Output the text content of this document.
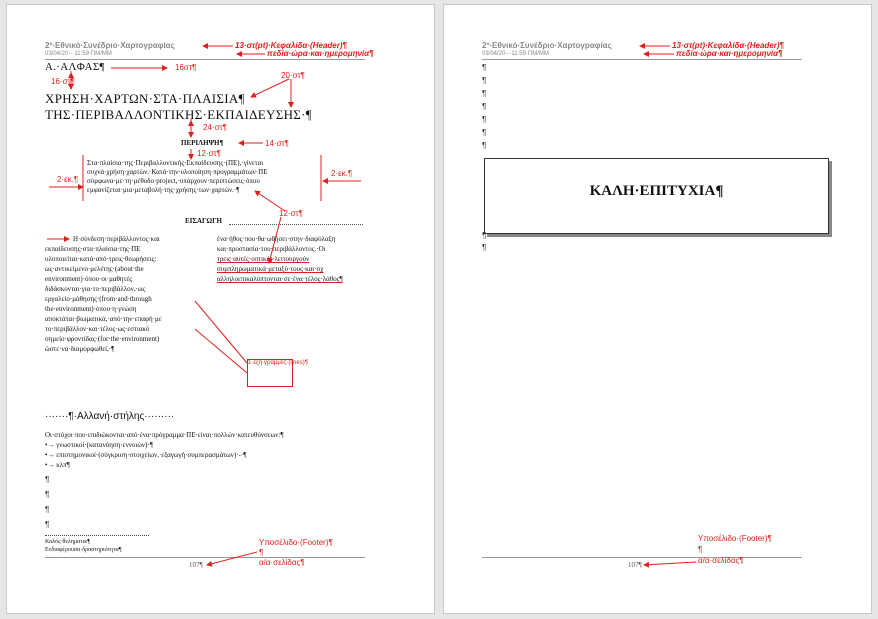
2º·Εθνικό·Συνέδριο·Χαρτογραφίας	13·στ(pt)·Κεφαλίδα·(Header)¶
03/04/20·-·11:59·ΠΜ/MM	πεδία·ώρα·και·ημερομηνία¶
Α.·ΑΛΦΑΣ¶	16στ¶
16·στ¶
20·στ¶
ΧΡΗΣΗ·ΧΑΡΤΩΝ·ΣΤΑ·ΠΛΑΙΣΙΑ¶
ΤΗΣ·ΠΕΡΙΒΑΛΛΟΝΤΙΚΗΣ·ΕΚΠΑΙΔΕΥΣΗΣ·¶
24·στ¶
ΠΕΡΙΛΗΨΗ¶	14·στ¶
12·στ¶
Στα·πλαίσια·της·Περιβαλλοντικής·Εκπαίδευσης·(ΠΕ),·γίνεται
συχνά·χρήση·χαρτών.·Κατά·την·υλοποίηση·προγραμμάτων·ΠΕ
σύμφωνα·με·τη·μέθοδο·project,·υπάρχουν·περιπτώσεις·όπου
εμφανίζεται·μια·μεταβολή·της·χρήσης·των·χαρτών.·¶
2·εκ.¶
2·εκ.¶
12·στ¶
ΕΙΣΑΓΩΓΗ
Η·σύνδεση·περιβάλλοντος·και
εκπαίδευσης·στα·πλαίσια·της·ΠΕ
υλοποιείται·κατά·από·τρεις·θεωρήσεις:
ως·αντικείμενο·μελέτης·(about·the
environment)·όπου·οι·μαθητές
διδάσκονται·για·το·περιβάλλον,·ως
εργαλείο·μάθησης·(from·and·through
the·environment)·όπου·η·γνώση
αποκτάται·βιωματικά,·από·την·επαφή·με
το·περιβάλλον·και·τέλος·ως·εστιακό
σημείο·φροντίδας·(for·the·environment)
ώστε·να·διαμορφωθεί,·¶
ένα·ήθος·που·θα·ωθήσει·στην·διαφύλαξη
και·προστασία·του·περιβάλλοντος.·Οι
τρεις·αυτές·οπτικές·λειτουργούν
συμπληρωματικά·μεταξύ·τους·και·σχ
αλληλοεπικαλύπτονται·σε·ένα·τέλος·λάθος¶
1·έξη·γραμμές·(lines)¶
·······¶·Αλλανή·στήλης·········
Οι·στόχοι·που·επιδιώκονται·από·ένα·πρόγραμμα·ΠΕ·είναι·πολλών·κατευθύνσεων:¶
•→ γνωστικοί·(κατανόηση·εννοιών)·¶
•→ επιστημονικοί·(σύγκριση·στοιχείων,·εξαγωγή·συμπερασμάτων)·-·¶
•→ κλπ¶
¶
¶
¶
¶
Καλός·θεληματικ¶
Ενδιαφέρουσα·δραστηριότητα¶
107¶
Υποσέλιδο·(Footer)¶
¶
α/α·σελίδας¶
2º·Εθνικό·Συνέδριο·Χαρτογραφίας	13·στ(pt)·Κεφαλίδα·(Header)¶
03/04/20·-·11:59·ΠΜ/MM	πεδία·ώρα·και·ημερομηνία¶
¶
¶
¶
¶
¶
¶
¶
ΚΑΛΗ·ΕΠΙΤΥΧΙΑ¶
¶
¶
107¶
Υποσέλιδο·(Footer)¶
¶
α/α·σελίδας¶
